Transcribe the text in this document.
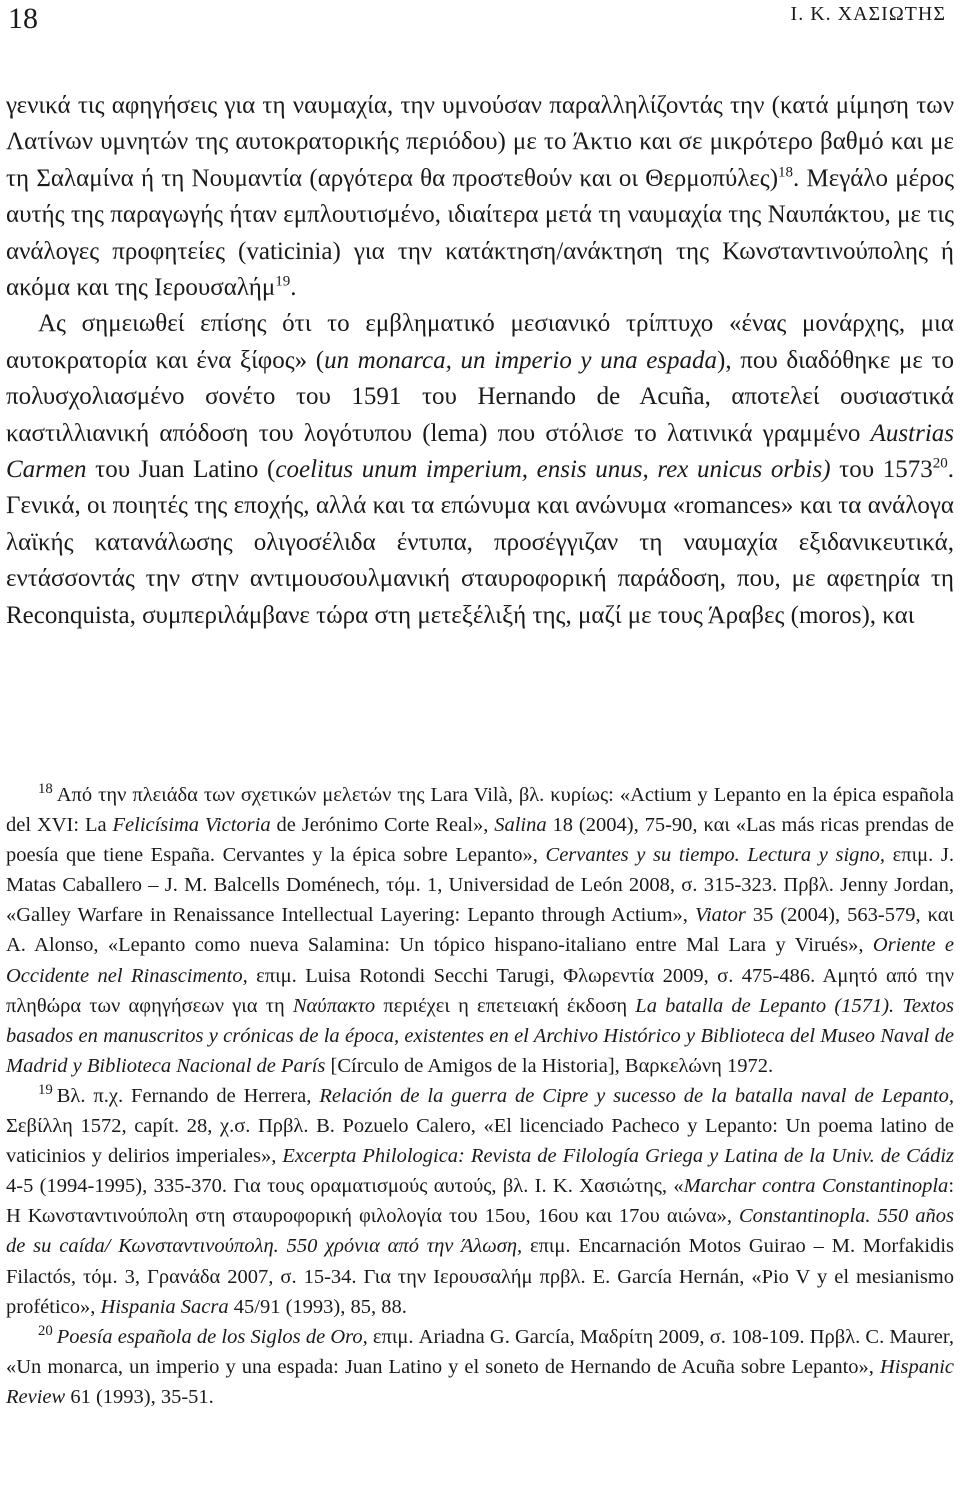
18	Ι. Κ. ΧΑΣΙΩΤΗΣ

γενικά τις αφηγήσεις για τη ναυμαχία, την υμνούσαν παραλληλίζοντάς την (κατά μίμηση των Λατίνων υμνητών της αυτοκρατορικής περιόδου) με το Άκτιο και σε μικρότερο βαθμό και με τη Σαλαμίνα ή τη Νουμαντία (αργότερα θα προστεθούν και οι Θερμοπύλες)$^{18}$. Μεγάλο μέρος αυτής της παραγωγής ήταν εμπλουτισμένο, ιδιαίτερα μετά τη ναυμαχία της Ναυπάκτου, με τις ανάλογες προφητείες (vaticinia) για την κατάκτηση/ανάκτηση της Κωνσταντινούπολης ή ακόμα και της Ιερουσαλήμ$^{19}$.

Ας σημειωθεί επίσης ότι το εμβληματικό μεσιανικό τρίπτυχο «ένας μονάρχης, μια αυτοκρατορία και ένα ξίφος» (un monarca, un imperio y una espada), που διαδόθηκε με το πολυσχολιασμένο σονέτο του 1591 του Hernando de Acuña, αποτελεί ουσιαστικά καστιλλιανική απόδοση του λογότυπου (lema) που στόλισε το λατινικά γραμμένο Austrias Carmen του Juan Latino (coelitus unum imperium, ensis unus, rex unicus orbis) του 1573$^{20}$. Γενικά, οι ποιητές της εποχής, αλλά και τα επώνυμα και ανώνυμα «romances» και τα ανάλογα λαϊκής κατανάλωσης ολιγοσέλιδα έντυπα, προσέγγιζαν τη ναυμαχία εξιδανικευτικά, εντάσσοντάς την στην αντιμουσουλμανική σταυροφορική παράδοση, που, με αφετηρία τη Reconquista, συμπεριλάμβανε τώρα στη μετεξέλιξή της, μαζί με τους Άραβες (moros), και

$^{18}$ Από την πλειάδα των σχετικών μελετών της Lara Vilà, βλ. κυρίως: «Actium y Lepanto en la épica española del XVI: La Felicísima Victoria de Jerónimo Corte Real», Salina 18 (2004), 75-90, και «Las más ricas prendas de poesía que tiene España. Cervantes y la épica sobre Lepanto», Cervantes y su tiempo. Lectura y signo, επιμ. J. Matas Caballero – J. M. Balcells Doménech, τόμ. 1, Universidad de León 2008, σ. 315-323. Πρβλ. Jenny Jordan, «Galley Warfare in Renaissance Intellectual Layering: Lepanto through Actium», Viator 35 (2004), 563-579, και A. Alonso, «Lepanto como nueva Salamina: Un tópico hispano-italiano entre Mal Lara y Virués», Oriente e Occidente nel Rinascimento, επιμ. Luisa Rotondi Secchi Tarugi, Φλωρεντία 2009, σ. 475-486. Αμητό από την πληθώρα των αφηγήσεων για τη Ναύπακτο περιέχει η επετειακή έκδοση La batalla de Lepanto (1571). Textos basados en manuscritos y crónicas de la época, existentes en el Archivo Histórico y Biblioteca del Museo Naval de Madrid y Biblioteca Nacional de París [Círculo de Amigos de la Historia], Βαρκελώνη 1972.

$^{19}$ Βλ. π.χ. Fernando de Herrera, Relación de la guerra de Cipre y sucesso de la batalla naval de Lepanto, Σεβίλλη 1572, capít. 28, χ.σ. Πρβλ. B. Pozuelo Calero, «El licenciado Pacheco y Lepanto: Un poema latino de vaticinios y delirios imperiales», Excerpta Philologica: Revista de Filología Griega y Latina de la Univ. de Cádiz 4-5 (1994-1995), 335-370. Για τους οραματισμούς αυτούς, βλ. Ι. Κ. Χασιώτης, «Marchar contra Constantinopla: Η Κωνσταντινούπολη στη σταυροφορική φιλολογία του 15ου, 16ου και 17ου αιώνα», Constantinopla. 550 años de su caída/ Κωνσταντινούπολη. 550 χρόνια από την Άλωση, επιμ. Encarnación Motos Guirao – M. Morfakidis Filactós, τόμ. 3, Γρανάδα 2007, σ. 15-34. Για την Ιερουσαλήμ πρβλ. E. García Hernán, «Pio V y el mesianismo profético», Hispania Sacra 45/91 (1993), 85, 88.

$^{20}$ Poesía española de los Siglos de Oro, επιμ. Ariadna G. García, Μαδρίτη 2009, σ. 108-109. Πρβλ. C. Maurer, «Un monarca, un imperio y una espada: Juan Latino y el soneto de Hernando de Acuña sobre Lepanto», Hispanic Review 61 (1993), 35-51.
